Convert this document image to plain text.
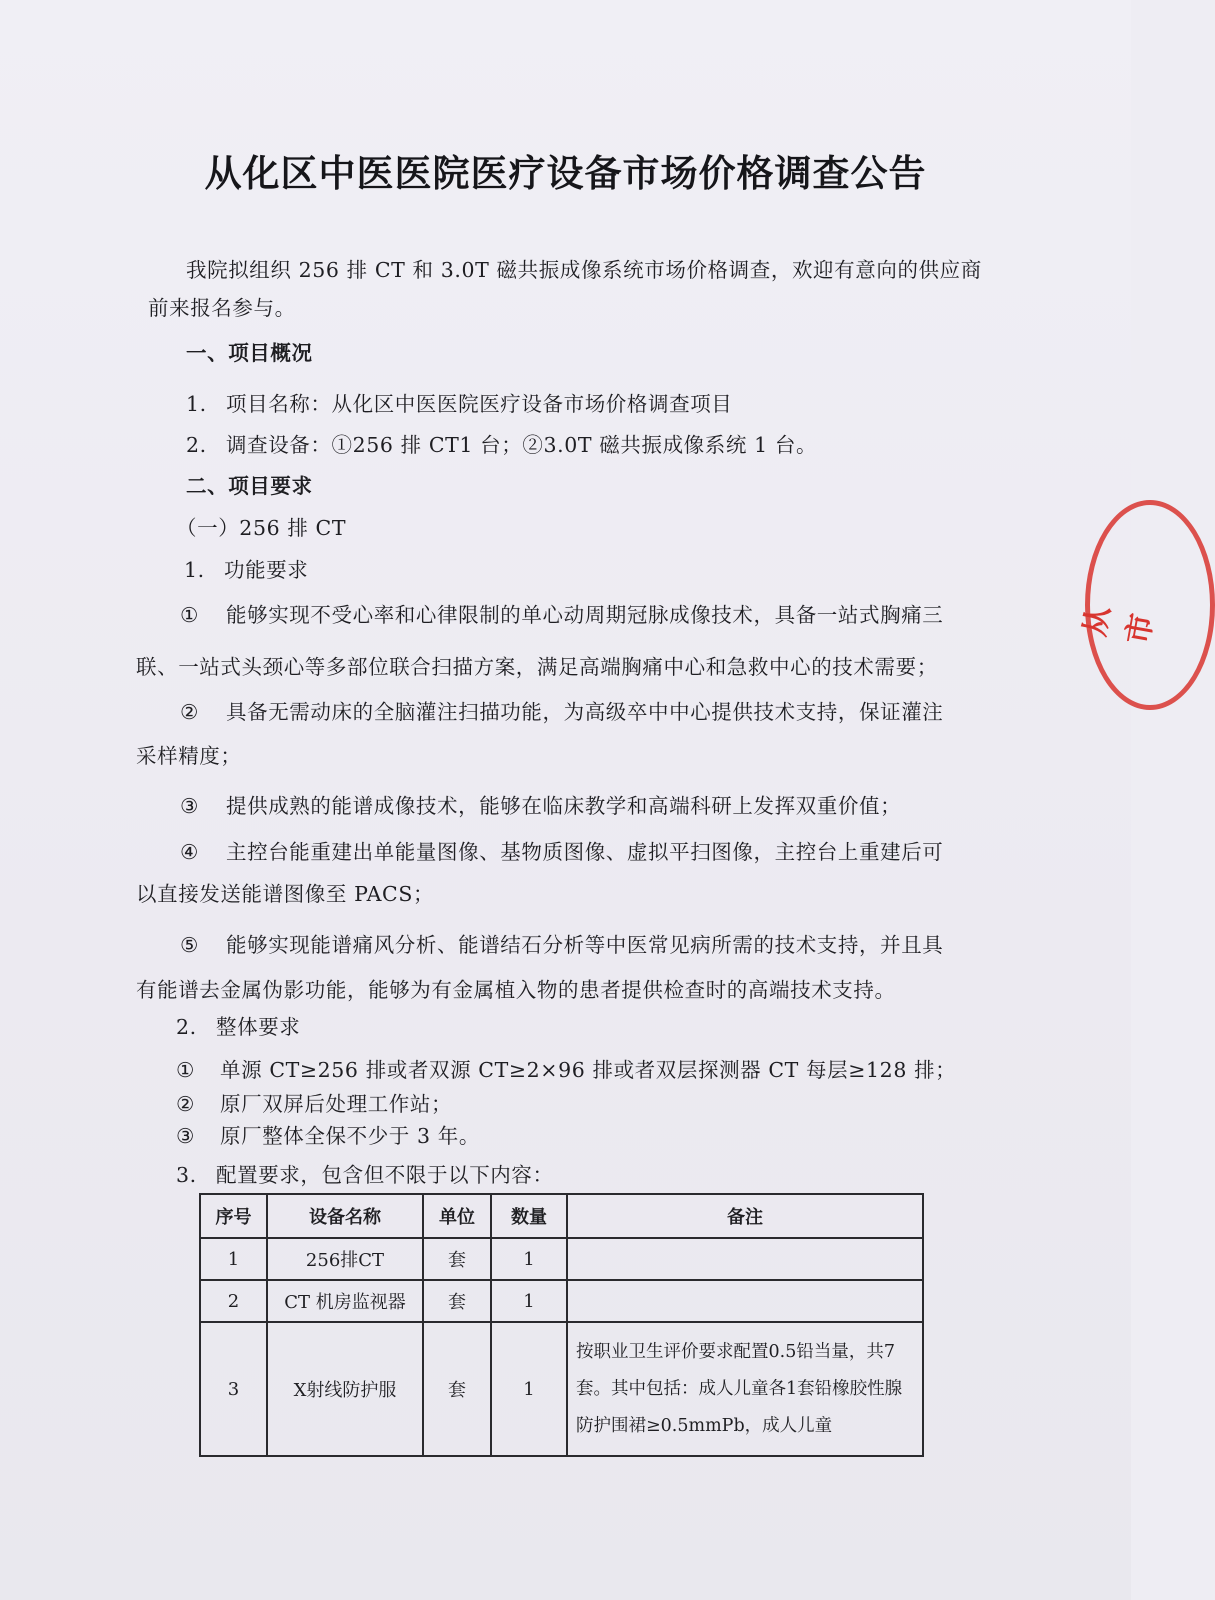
从化区中医医院医疗设备市场价格调查公告
我院拟组织 256 排 CT 和 3.0T 磁共振成像系统市场价格调查，欢迎有意向的供应商
前来报名参与。
一、项目概况
1. 项目名称：从化区中医医院医疗设备市场价格调查项目
2. 调查设备：①256 排 CT1 台；②3.0T 磁共振成像系统 1 台。
二、项目要求
（一）256 排 CT
1. 功能要求
① 能够实现不受心率和心律限制的单心动周期冠脉成像技术，具备一站式胸痛三
联、一站式头颈心等多部位联合扫描方案，满足高端胸痛中心和急救中心的技术需要；
② 具备无需动床的全脑灌注扫描功能，为高级卒中中心提供技术支持，保证灌注
采样精度；
③ 提供成熟的能谱成像技术，能够在临床教学和高端科研上发挥双重价值；
④ 主控台能重建出单能量图像、基物质图像、虚拟平扫图像，主控台上重建后可
以直接发送能谱图像至 PACS；
⑤ 能够实现能谱痛风分析、能谱结石分析等中医常见病所需的技术支持，并且具
有能谱去金属伪影功能，能够为有金属植入物的患者提供检查时的高端技术支持。
2. 整体要求
① 单源 CT≥256 排或者双源 CT≥2×96 排或者双层探测器 CT 每层≥128 排；
② 原厂双屏后处理工作站；
③ 原厂整体全保不少于 3 年。
3. 配置要求，包含但不限于以下内容：
序号	设备名称	单位	数量	备注
1	256排CT	套	1	
2	CT 机房监视器	套	1	
3	X射线防护服	套	1	按职业卫生评价要求配置0.5铅当量，共7套。其中包括：成人儿童各1套铅橡胶性腺防护围裙≥0.5mmPb，成人儿童
从市
